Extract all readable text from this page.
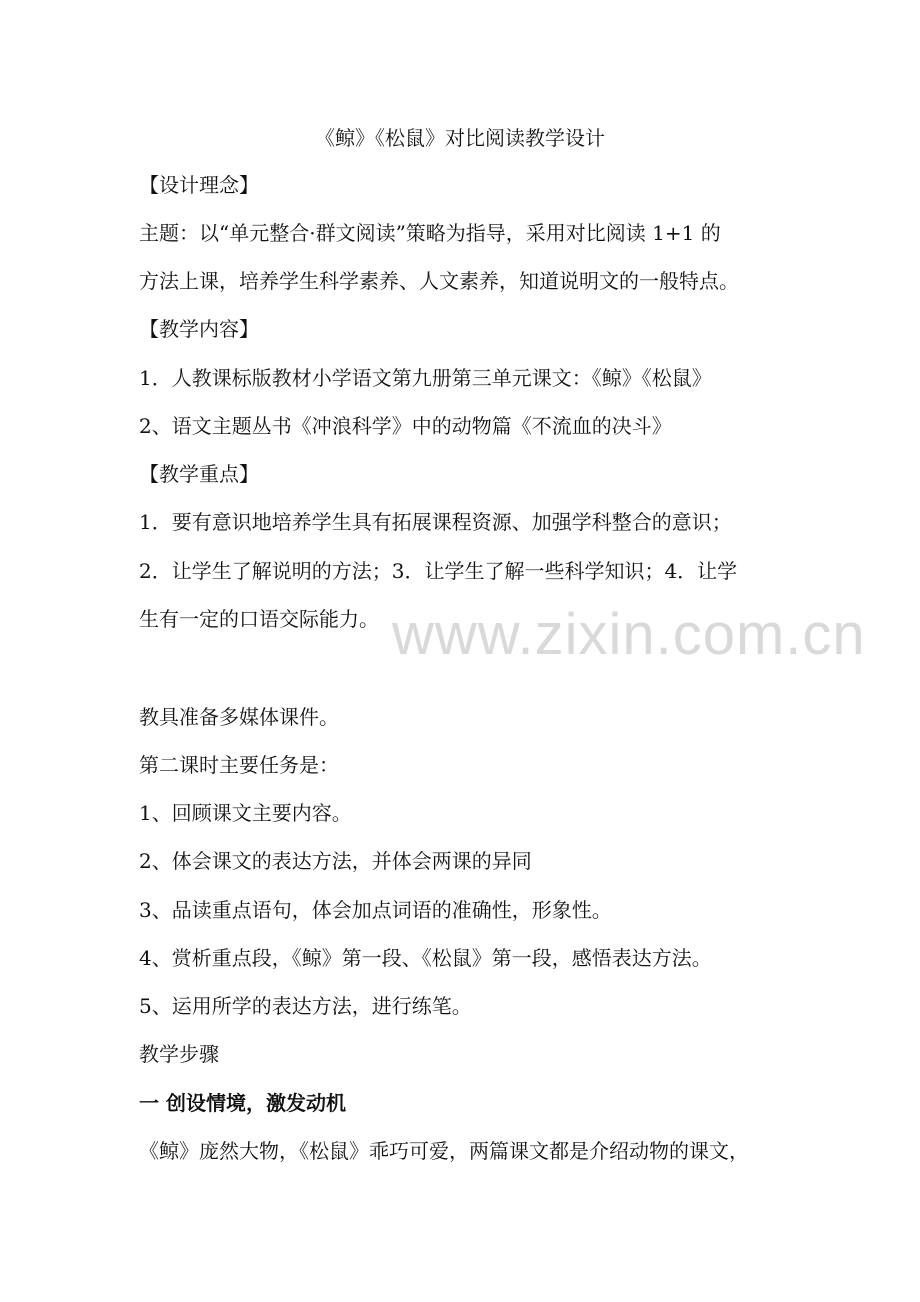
www.zixin.com.cn
《鲸》《松鼠》对比阅读教学设计
【设计理念】
主题：以“单元整合·群文阅读”策略为指导，采用对比阅读 1+1 的
方法上课，培养学生科学素养、人文素养，知道说明文的一般特点。
【教学内容】
1．人教课标版教材小学语文第九册第三单元课文：《鲸》《松鼠》
2、语文主题丛书《冲浪科学》中的动物篇《不流血的决斗》
【教学重点】
1．要有意识地培养学生具有拓展课程资源、加强学科整合的意识；
2．让学生了解说明的方法；3．让学生了解一些科学知识；4．让学
生有一定的口语交际能力。
教具准备多媒体课件。
第二课时主要任务是：
1、回顾课文主要内容。
2、体会课文的表达方法，并体会两课的异同
3、品读重点语句，体会加点词语的准确性，形象性。
4、赏析重点段，《鲸》第一段、《松鼠》第一段，感悟表达方法。
5、运用所学的表达方法，进行练笔。
教学步骤
一 创设情境，激发动机
《鲸》庞然大物，《松鼠》乖巧可爱，两篇课文都是介绍动物的课文，
